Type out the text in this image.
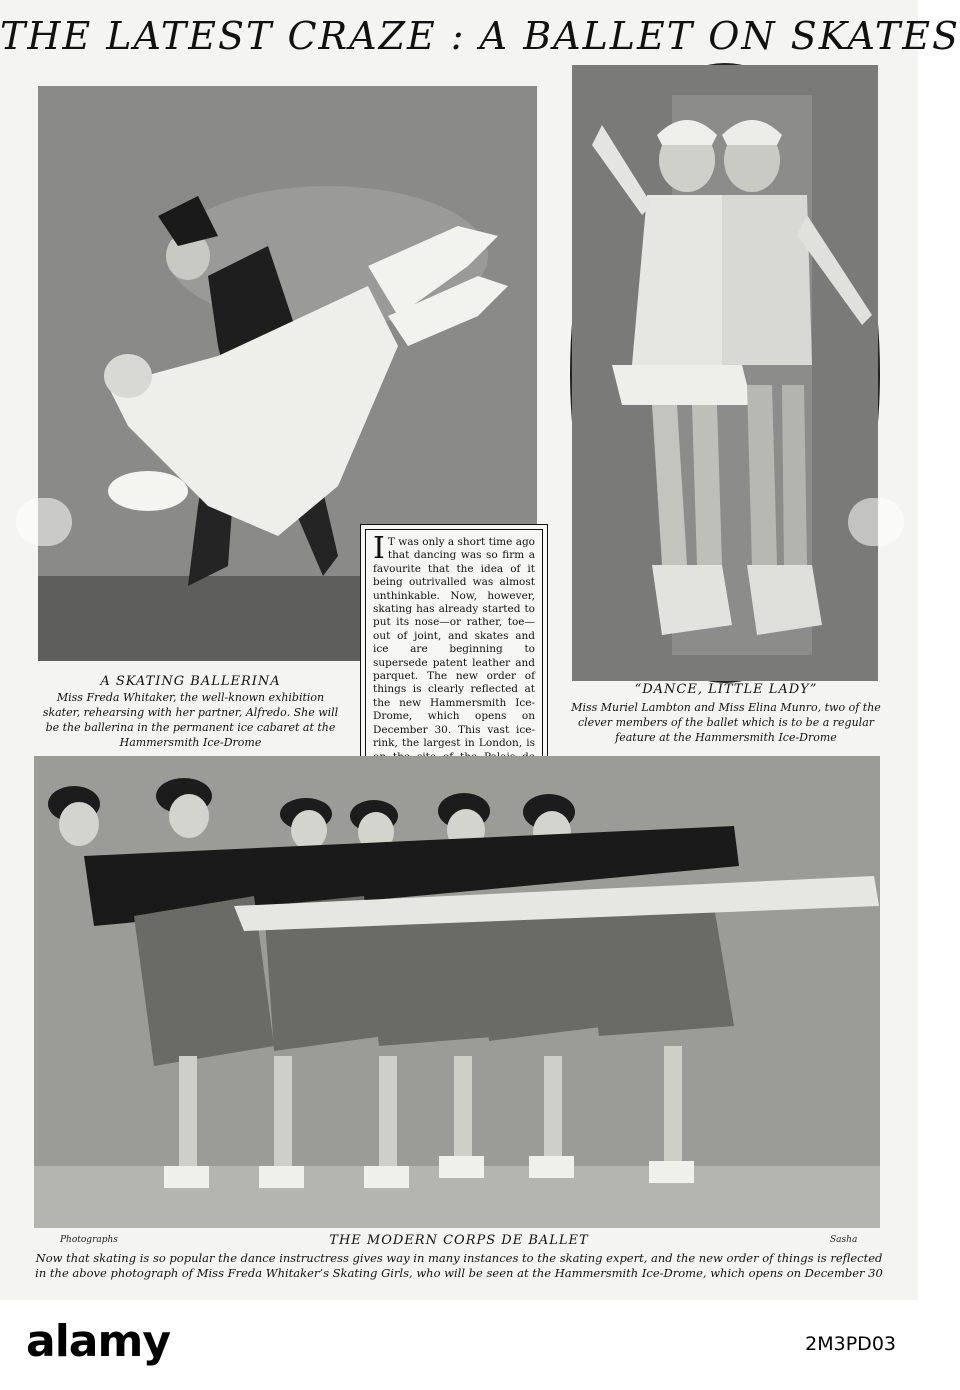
THE LATEST CRAZE : A BALLET ON SKATES
A SKATING BALLERINA
Miss Freda Whitaker, the well-known exhibition skater, rehearsing with her partner, Alfredo. She will be the ballerina in the permanent ice cabaret at the Hammersmith Ice-Drome
I T was only a short time ago that dancing was so firm a favourite that the idea of it being outrivalled was almost unthinkable. Now, however, skating has already started to put its nose—or rather, toe—out of joint, and skates and ice are beginning to supersede patent leather and parquet. The new order of things is clearly reflected at the new Hammersmith Ice-Drome, which opens on December 30. This vast ice-rink, the largest in London, is
“DANCE, LITTLE LADY”
Miss Muriel Lambton and Miss Elina Munro, two of the clever members of the ballet which is to be a regular feature at the Hammersmith Ice-Drome
Photographs	Sasha
THE MODERN CORPS DE BALLET
Now that skating is so popular the dance instructress gives way in many instances to the skating expert, and the new order of things is reflected in the above photograph of Miss Freda Whitaker’s Skating Girls, who will be seen at the Hammersmith Ice-Drome, which opens on December 30
alamy	2M3PD03
